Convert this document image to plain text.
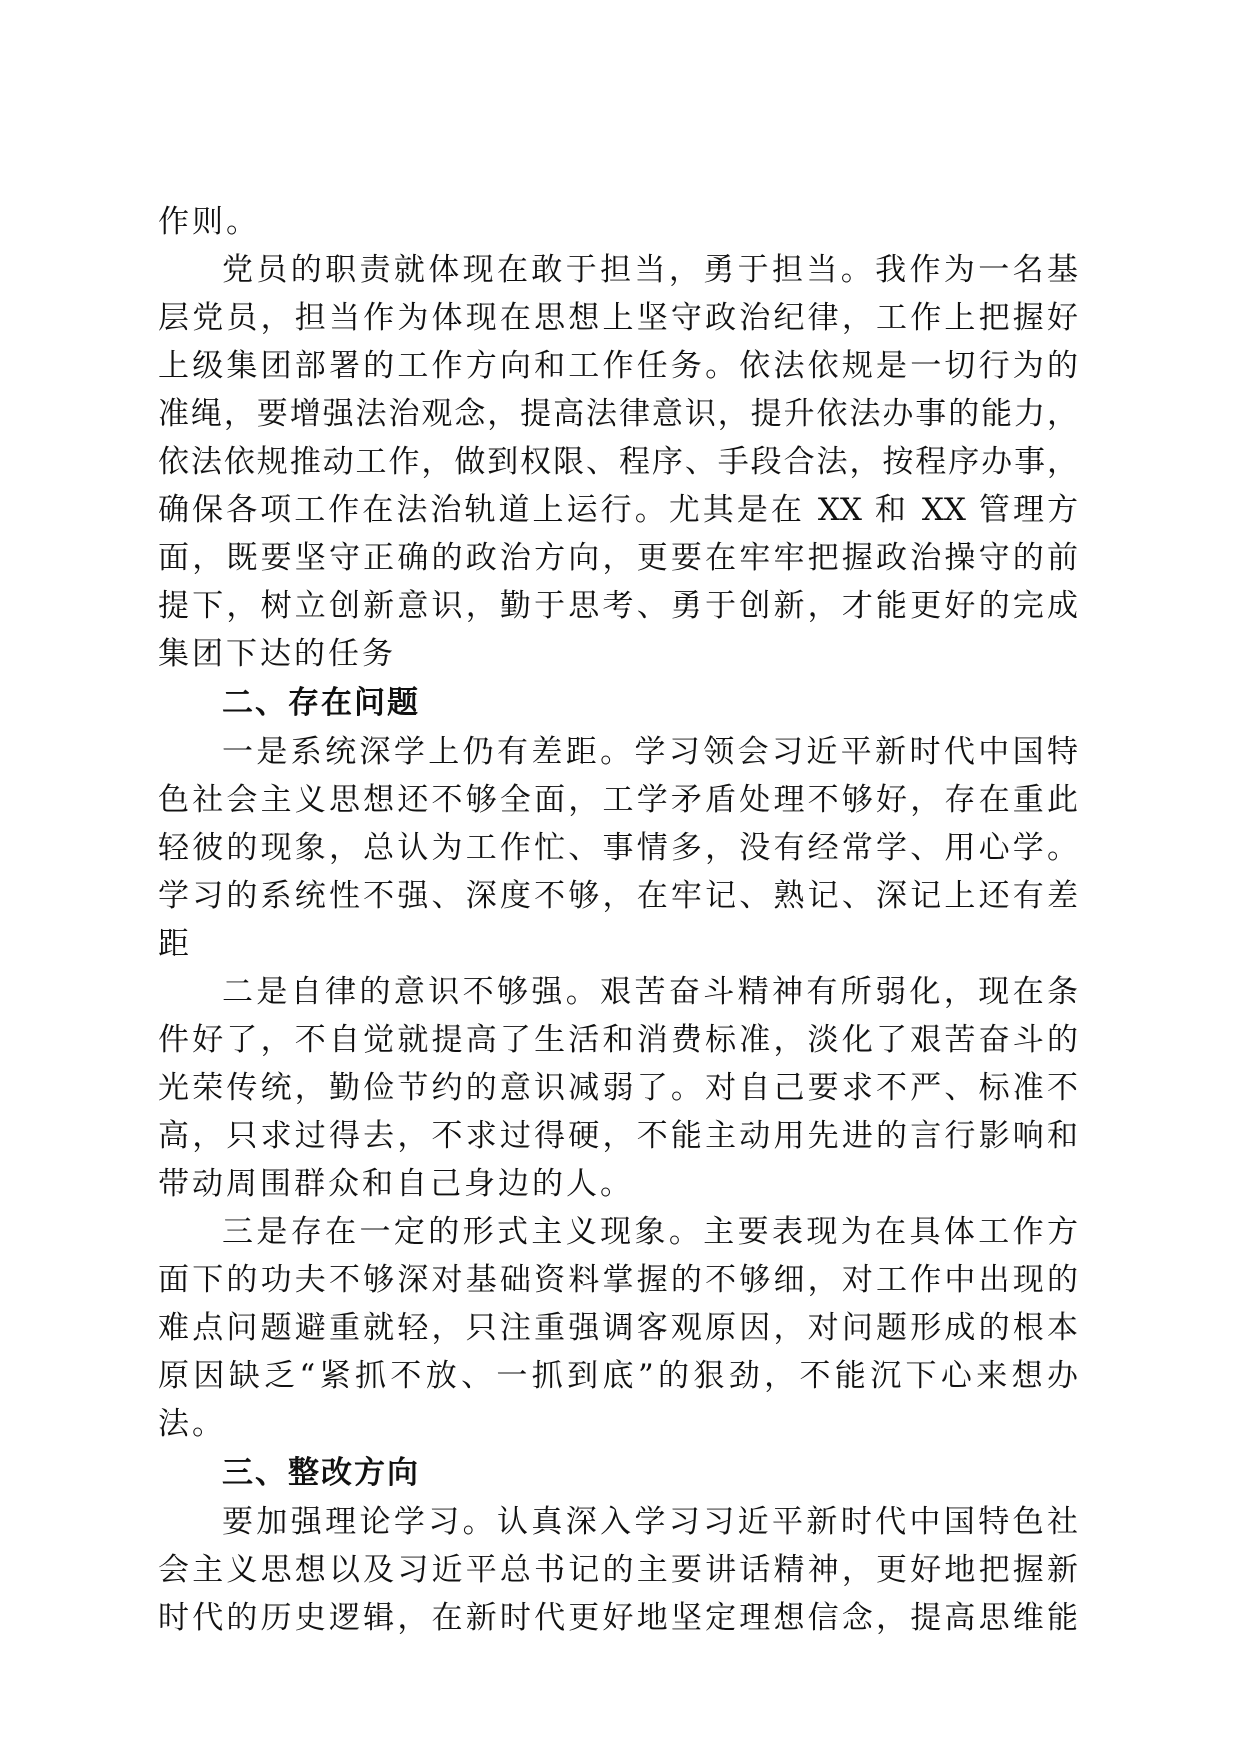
作则。
党员的职责就体现在敢于担当，勇于担当。我作为一名基
层党员，担当作为体现在思想上坚守政治纪律，工作上把握好
上级集团部署的工作方向和工作任务。依法依规是一切行为的
准绳，要增强法治观念，提高法律意识，提升依法办事的能力，
依法依规推动工作，做到权限、程序、手段合法，按程序办事，
确保各项工作在法治轨道上运行。尤其是在 XX 和 XX 管理方
面，既要坚守正确的政治方向，更要在牢牢把握政治操守的前
提下，树立创新意识，勤于思考、勇于创新，才能更好的完成
集团下达的任务
二、存在问题
一是系统深学上仍有差距。学习领会习近平新时代中国特
色社会主义思想还不够全面，工学矛盾处理不够好，存在重此
轻彼的现象，总认为工作忙、事情多，没有经常学、用心学。
学习的系统性不强、深度不够，在牢记、熟记、深记上还有差
距
二是自律的意识不够强。艰苦奋斗精神有所弱化，现在条
件好了，不自觉就提高了生活和消费标准，淡化了艰苦奋斗的
光荣传统，勤俭节约的意识减弱了。对自己要求不严、标准不
高，只求过得去，不求过得硬，不能主动用先进的言行影响和
带动周围群众和自己身边的人。
三是存在一定的形式主义现象。主要表现为在具体工作方
面下的功夫不够深对基础资料掌握的不够细，对工作中出现的
难点问题避重就轻，只注重强调客观原因，对问题形成的根本
原因缺乏“紧抓不放、一抓到底”的狠劲，不能沉下心来想办
法。
三、整改方向
要加强理论学习。认真深入学习习近平新时代中国特色社
会主义思想以及习近平总书记的主要讲话精神，更好地把握新
时代的历史逻辑，在新时代更好地坚定理想信念，提高思维能
